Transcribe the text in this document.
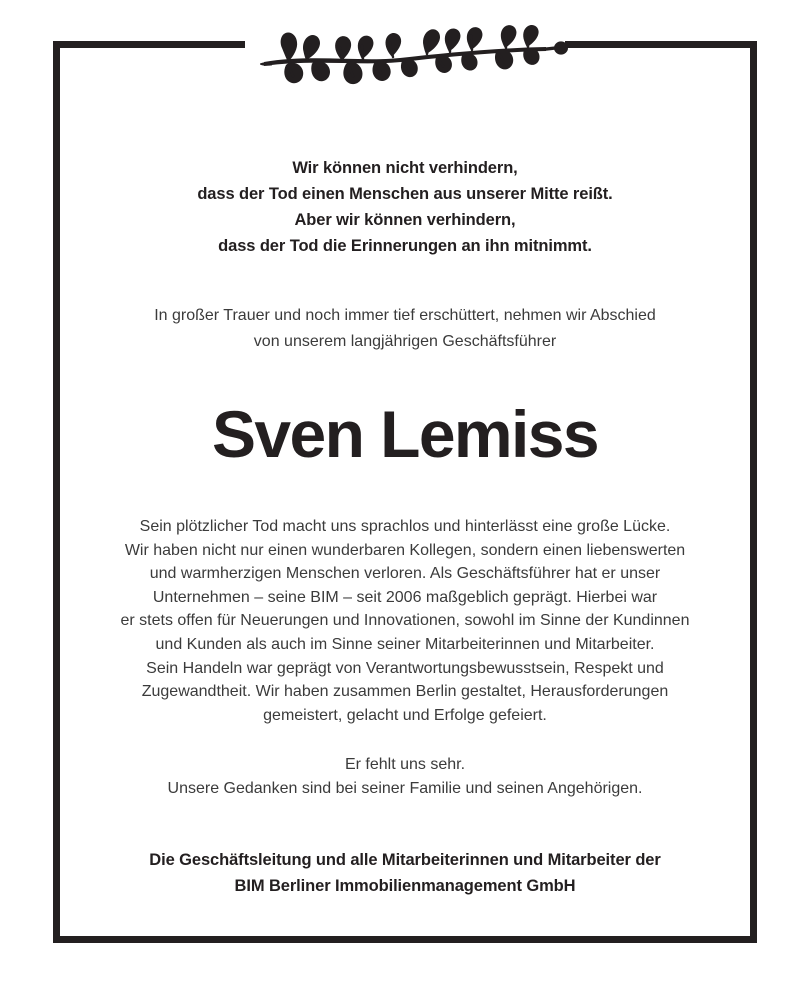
Wir können nicht verhindern,
dass der Tod einen Menschen aus unserer Mitte reißt.
Aber wir können verhindern,
dass der Tod die Erinnerungen an ihn mitnimmt.
In großer Trauer und noch immer tief erschüttert, nehmen wir Abschied
von unserem langjährigen Geschäftsführer
Sven Lemiss
Sein plötzlicher Tod macht uns sprachlos und hinterlässt eine große Lücke.
Wir haben nicht nur einen wunderbaren Kollegen, sondern einen liebenswerten
und warmherzigen Menschen verloren. Als Geschäftsführer hat er unser
Unternehmen – seine BIM – seit 2006 maßgeblich geprägt. Hierbei war
er stets offen für Neuerungen und Innovationen, sowohl im Sinne der Kundinnen
und Kunden als auch im Sinne seiner Mitarbeiterinnen und Mitarbeiter.
Sein Handeln war geprägt von Verantwortungsbewusstsein, Respekt und
Zugewandtheit. Wir haben zusammen Berlin gestaltet, Herausforderungen
gemeistert, gelacht und Erfolge gefeiert.
Er fehlt uns sehr.
Unsere Gedanken sind bei seiner Familie und seinen Angehörigen.
Die Geschäftsleitung und alle Mitarbeiterinnen und Mitarbeiter der
BIM Berliner Immobilienmanagement GmbH
